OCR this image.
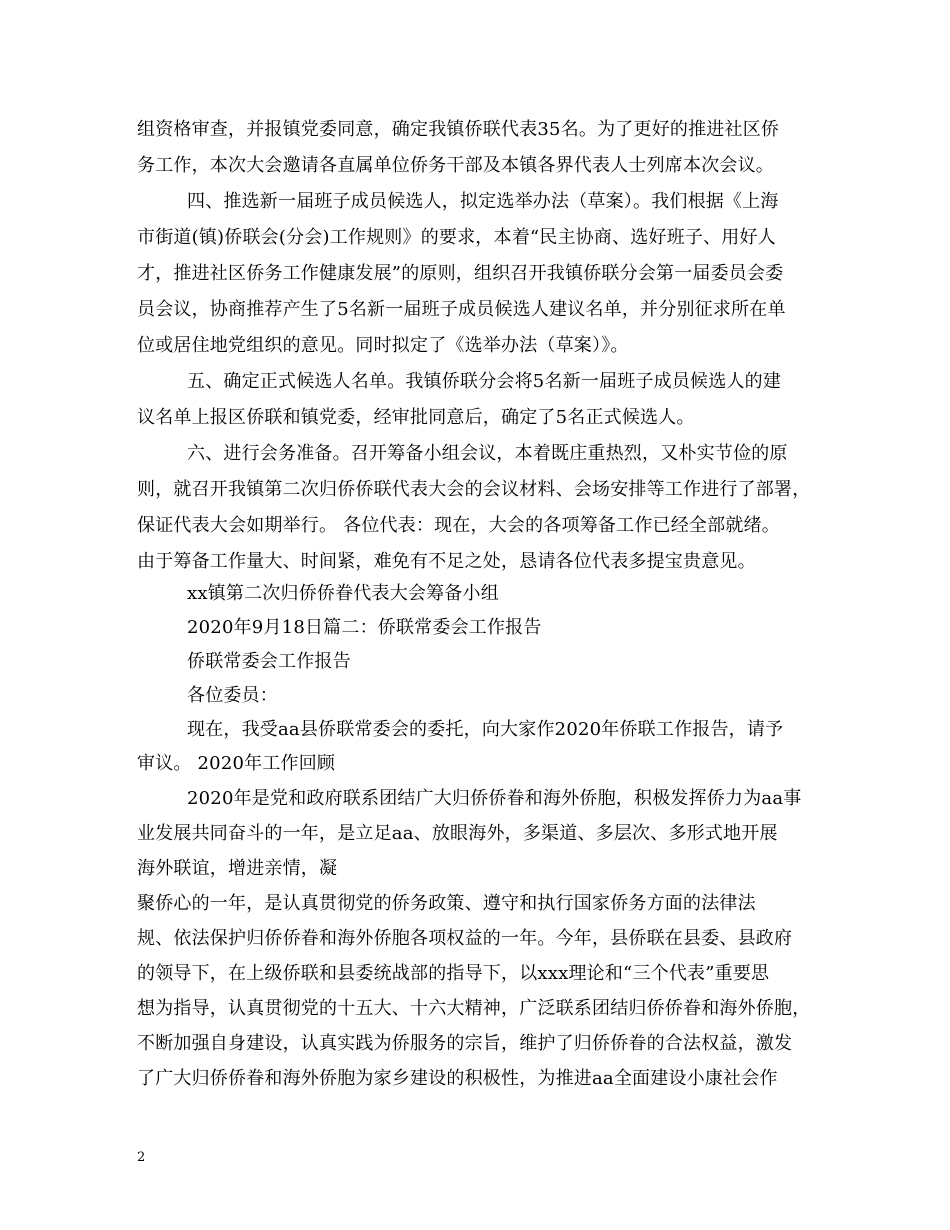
组资格审查，并报镇党委同意，确定我镇侨联代表35名。为了更好的推进社区侨
务工作，本次大会邀请各直属单位侨务干部及本镇各界代表人士列席本次会议。
四、推选新一届班子成员候选人，拟定选举办法（草案）。我们根据《上海
市街道(镇)侨联会(分会)工作规则》的要求，本着“民主协商、选好班子、用好人
才，推进社区侨务工作健康发展”的原则，组织召开我镇侨联分会第一届委员会委
员会议，协商推荐产生了5名新一届班子成员候选人建议名单，并分别征求所在单
位或居住地党组织的意见。同时拟定了《选举办法（草案）》。
五、确定正式候选人名单。我镇侨联分会将5名新一届班子成员候选人的建
议名单上报区侨联和镇党委，经审批同意后，确定了5名正式候选人。
六、进行会务准备。召开筹备小组会议，本着既庄重热烈，又朴实节俭的原
则，就召开我镇第二次归侨侨联代表大会的会议材料、会场安排等工作进行了部署，
保证代表大会如期举行。 各位代表：现在，大会的各项筹备工作已经全部就绪。
由于筹备工作量大、时间紧，难免有不足之处，恳请各位代表多提宝贵意见。
xx镇第二次归侨侨眷代表大会筹备小组
2020年9月18日篇二：侨联常委会工作报告
侨联常委会工作报告
各位委员：
现在，我受aa县侨联常委会的委托，向大家作2020年侨联工作报告，请予
审议。 2020年工作回顾
2020年是党和政府联系团结广大归侨侨眷和海外侨胞，积极发挥侨力为aa事
业发展共同奋斗的一年，是立足aa、放眼海外，多渠道、多层次、多形式地开展
海外联谊，增进亲情，凝
聚侨心的一年，是认真贯彻党的侨务政策、遵守和执行国家侨务方面的法律法
规、依法保护归侨侨眷和海外侨胞各项权益的一年。今年，县侨联在县委、县政府
的领导下，在上级侨联和县委统战部的指导下，以xxx理论和“三个代表”重要思
想为指导，认真贯彻党的十五大、十六大精神，广泛联系团结归侨侨眷和海外侨胞，
不断加强自身建设，认真实践为侨服务的宗旨，维护了归侨侨眷的合法权益，激发
了广大归侨侨眷和海外侨胞为家乡建设的积极性，为推进aa全面建设小康社会作
2
